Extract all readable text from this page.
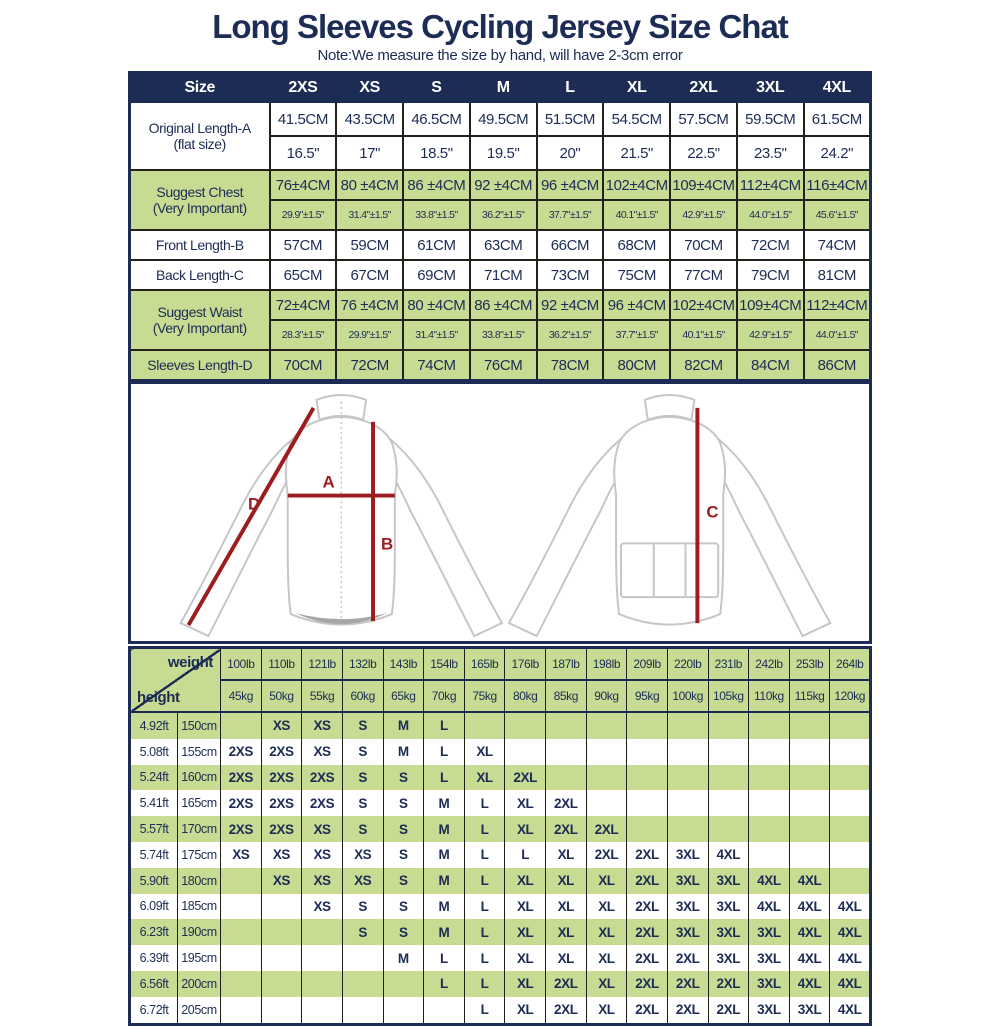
Long Sleeves Cycling Jersey Size Chat
Note:We measure the size by hand, will have 2-3cm error
Size	2XS	XS	S	M	L	XL	2XL	3XL	4XL

Original Length-A
(flat size)	41.5CM	43.5CM	46.5CM	49.5CM	51.5CM	54.5CM	57.5CM	59.5CM	61.5CM
	16.5"	17"	18.5"	19.5"	20"	21.5"	22.5"	23.5"	24.2"

Suggest Chest
(Very Important)	76±4CM	80 ±4CM	86 ±4CM	92 ±4CM	96 ±4CM	102±4CM	109±4CM	112±4CM	116±4CM
	29.9"±1.5"	31.4"±1.5"	33.8"±1.5"	36.2"±1.5"	37.7"±1.5"	40.1"±1.5"	42.9"±1.5"	44.0"±1.5"	45.6"±1.5"

Front Length-B	57CM	59CM	61CM	63CM	66CM	68CM	70CM	72CM	74CM

Back Length-C	65CM	67CM	69CM	71CM	73CM	75CM	77CM	79CM	81CM

Suggest Waist
(Very Important)	72±4CM	76 ±4CM	80 ±4CM	86 ±4CM	92 ±4CM	96 ±4CM	102±4CM	109±4CM	112±4CM
	28.3"±1.5"	29.9"±1.5"	31.4"±1.5"	33.8"±1.5"	36.2"±1.5"	37.7"±1.5"	40.1"±1.5"	42.9"±1.5"	44.0"±1.5"

Sleeves Length-D	70CM	72CM	74CM	76CM	78CM	80CM	82CM	84CM	86CM
D
A
B
C
weight
height		100lb	110lb	121lb	132lb	143lb	154lb	165lb	176lb	187lb	198lb	209lb	220lb	231lb	242lb	253lb	264lb
		45kg	50kg	55kg	60kg	65kg	70kg	75kg	80kg	85kg	90kg	95kg	100kg	105kg	110kg	115kg	120kg
4.92ft	150cm		XS	XS	S	M	L										
5.08ft	155cm	2XS	2XS	XS	S	M	L	XL									
5.24ft	160cm	2XS	2XS	2XS	S	S	L	XL	2XL								
5.41ft	165cm	2XS	2XS	2XS	S	S	M	L	XL	2XL							
5.57ft	170cm	2XS	2XS	XS	S	S	M	L	XL	2XL	2XL						
5.74ft	175cm	XS	XS	XS	XS	S	M	L	L	XL	2XL	2XL	3XL	4XL			
5.90ft	180cm		XS	XS	XS	S	M	L	XL	XL	XL	2XL	3XL	3XL	4XL	4XL	
6.09ft	185cm			XS	S	S	M	L	XL	XL	XL	2XL	3XL	3XL	4XL	4XL	4XL
6.23ft	190cm				S	S	M	L	XL	XL	XL	2XL	3XL	3XL	3XL	4XL	4XL
6.39ft	195cm					M	L	L	XL	XL	XL	2XL	2XL	3XL	3XL	4XL	4XL
6.56ft	200cm						L	L	XL	2XL	XL	2XL	2XL	2XL	3XL	4XL	4XL
6.72ft	205cm							L	XL	2XL	XL	2XL	2XL	2XL	3XL	3XL	4XL
